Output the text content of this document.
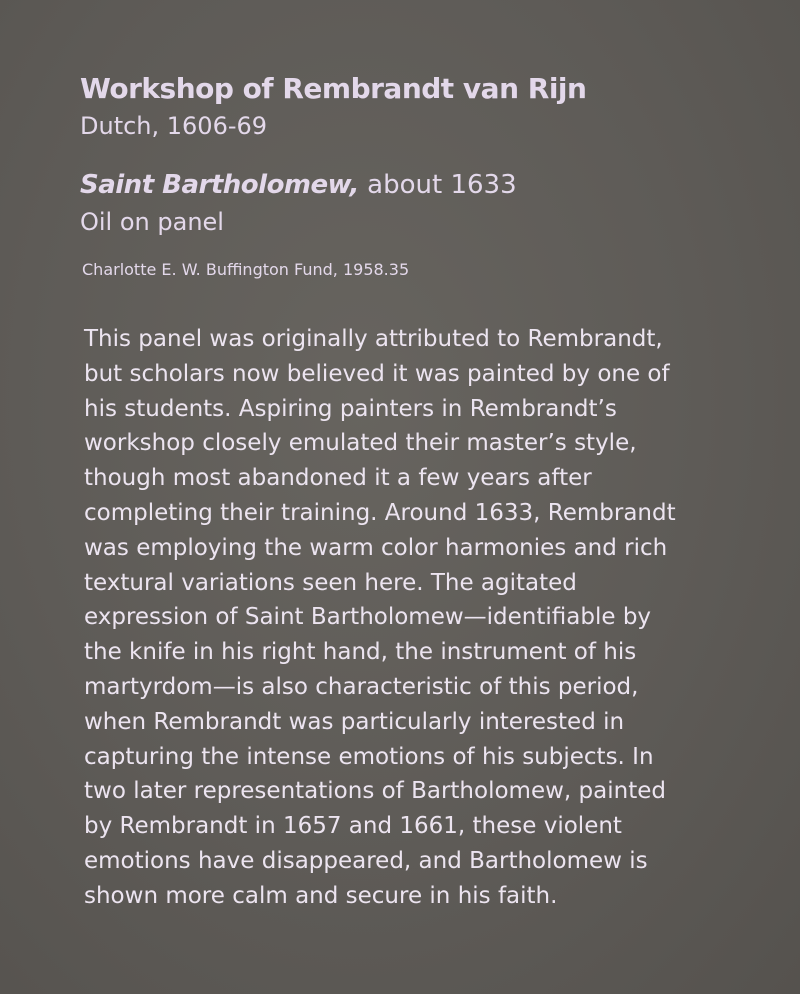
Workshop of Rembrandt van Rijn
Dutch, 1606-69
Saint Bartholomew, about 1633
Oil on panel
Charlotte E. W. Buffington Fund, 1958.35
This panel was originally attributed to Rembrandt,
but scholars now believed it was painted by one of
his students. Aspiring painters in Rembrandt’s
workshop closely emulated their master’s style,
though most abandoned it a few years after
completing their training. Around 1633, Rembrandt
was employing the warm color harmonies and rich
textural variations seen here. The agitated
expression of Saint Bartholomew—identifiable by
the knife in his right hand, the instrument of his
martyrdom—is also characteristic of this period,
when Rembrandt was particularly interested in
capturing the intense emotions of his subjects. In
two later representations of Bartholomew, painted
by Rembrandt in 1657 and 1661, these violent
emotions have disappeared, and Bartholomew is
shown more calm and secure in his faith.
